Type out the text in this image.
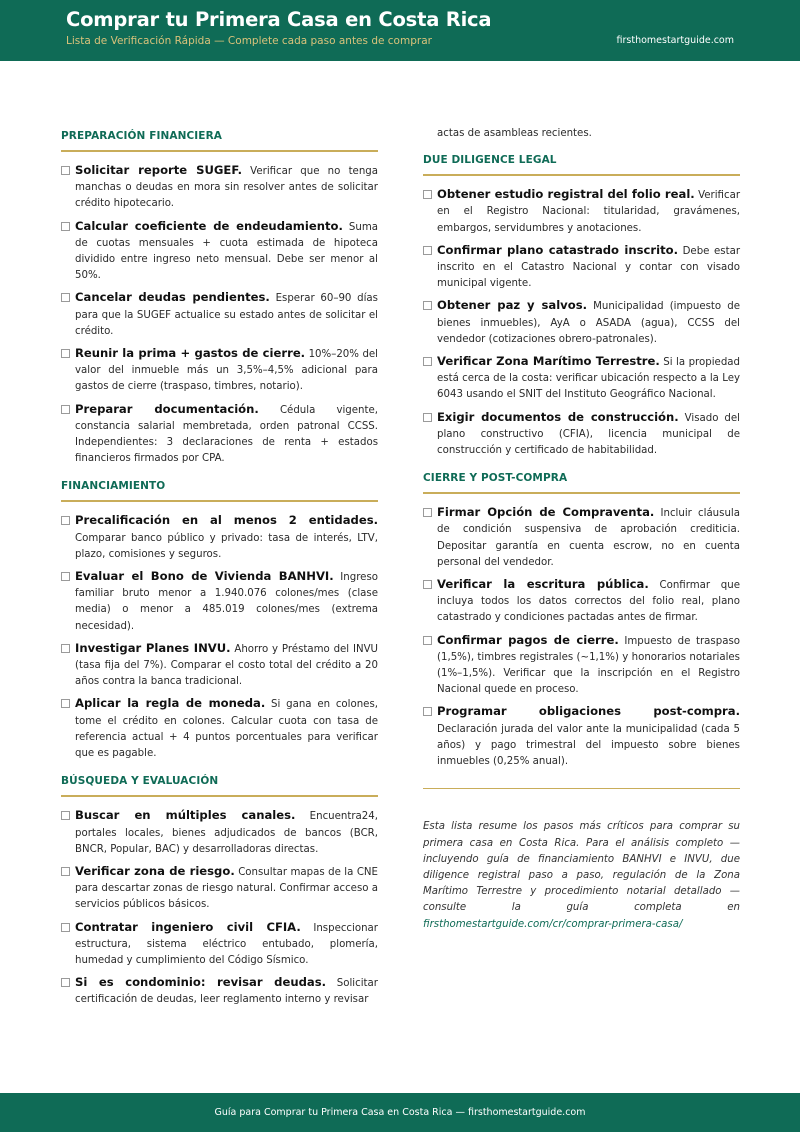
Comprar tu Primera Casa en Costa Rica
Lista de Verificación Rápida — Complete cada paso antes de comprar	firsthomestartguide.com
PREPARACIÓN FINANCIERA
Solicitar reporte SUGEF. Verificar que no tenga manchas o deudas en mora sin resolver antes de solicitar crédito hipotecario.
Calcular coeficiente de endeudamiento. Suma de cuotas mensuales + cuota estimada de hipoteca dividido entre ingreso neto mensual. Debe ser menor al 50%.
Cancelar deudas pendientes. Esperar 60–90 días para que la SUGEF actualice su estado antes de solicitar el crédito.
Reunir la prima + gastos de cierre. 10%–20% del valor del inmueble más un 3,5%–4,5% adicional para gastos de cierre (traspaso, timbres, notario).
Preparar documentación. Cédula vigente, constancia salarial membretada, orden patronal CCSS. Independientes: 3 declaraciones de renta + estados financieros firmados por CPA.
FINANCIAMIENTO
Precalificación en al menos 2 entidades. Comparar banco público y privado: tasa de interés, LTV, plazo, comisiones y seguros.
Evaluar el Bono de Vivienda BANHVI. Ingreso familiar bruto menor a 1.940.076 colones/mes (clase media) o menor a 485.019 colones/mes (extrema necesidad).
Investigar Planes INVU. Ahorro y Préstamo del INVU (tasa fija del 7%). Comparar el costo total del crédito a 20 años contra la banca tradicional.
Aplicar la regla de moneda. Si gana en colones, tome el crédito en colones. Calcular cuota con tasa de referencia actual + 4 puntos porcentuales para verificar que es pagable.
BÚSQUEDA Y EVALUACIÓN
Buscar en múltiples canales. Encuentra24, portales locales, bienes adjudicados de bancos (BCR, BNCR, Popular, BAC) y desarrolladoras directas.
Verificar zona de riesgo. Consultar mapas de la CNE para descartar zonas de riesgo natural. Confirmar acceso a servicios públicos básicos.
Contratar ingeniero civil CFIA. Inspeccionar estructura, sistema eléctrico entubado, plomería, humedad y cumplimiento del Código Sísmico.
Si es condominio: revisar deudas. Solicitar certificación de deudas, leer reglamento interno y revisar
actas de asambleas recientes.
DUE DILIGENCE LEGAL
Obtener estudio registral del folio real. Verificar en el Registro Nacional: titularidad, gravámenes, embargos, servidumbres y anotaciones.
Confirmar plano catastrado inscrito. Debe estar inscrito en el Catastro Nacional y contar con visado municipal vigente.
Obtener paz y salvos. Municipalidad (impuesto de bienes inmuebles), AyA o ASADA (agua), CCSS del vendedor (cotizaciones obrero-patronales).
Verificar Zona Marítimo Terrestre. Si la propiedad está cerca de la costa: verificar ubicación respecto a la Ley 6043 usando el SNIT del Instituto Geográfico Nacional.
Exigir documentos de construcción. Visado del plano constructivo (CFIA), licencia municipal de construcción y certificado de habitabilidad.
CIERRE Y POST-COMPRA
Firmar Opción de Compraventa. Incluir cláusula de condición suspensiva de aprobación crediticia. Depositar garantía en cuenta escrow, no en cuenta personal del vendedor.
Verificar la escritura pública. Confirmar que incluya todos los datos correctos del folio real, plano catastrado y condiciones pactadas antes de firmar.
Confirmar pagos de cierre. Impuesto de traspaso (1,5%), timbres registrales (~1,1%) y honorarios notariales (1%–1,5%). Verificar que la inscripción en el Registro Nacional quede en proceso.
Programar obligaciones post-compra. Declaración jurada del valor ante la municipalidad (cada 5 años) y pago trimestral del impuesto sobre bienes inmuebles (0,25% anual).
Esta lista resume los pasos más críticos para comprar su primera casa en Costa Rica. Para el análisis completo — incluyendo guía de financiamiento BANHVI e INVU, due diligence registral paso a paso, regulación de la Zona Marítimo Terrestre y procedimiento notarial detallado — consulte la guía completa en firsthomestartguide.com/cr/comprar-primera-casa/
Guía para Comprar tu Primera Casa en Costa Rica — firsthomestartguide.com
